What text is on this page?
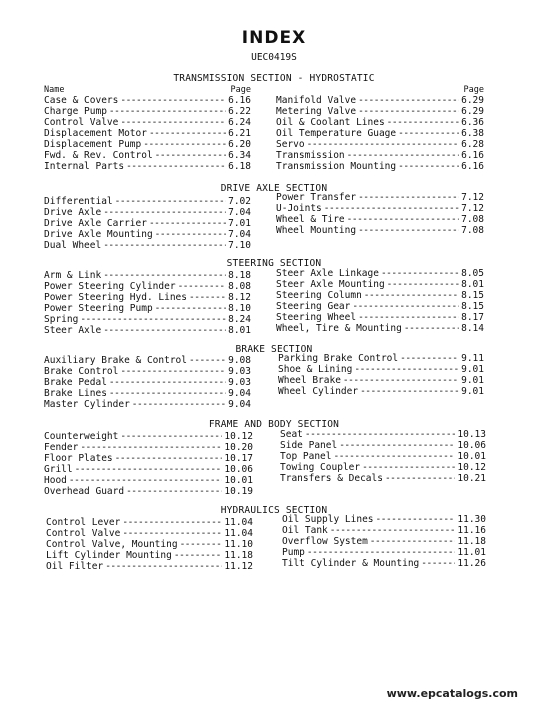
INDEX
UEC0419S
TRANSMISSION SECTION - HYDROSTATIC
Name	Page
Case & Covers -----	6.16
Charge Pump -----	6.22
Control Valve -----	6.24
Displacement Motor -----	6.21
Displacement Pump -----	6.20
Fwd. & Rev. Control -----	6.34
Internal Parts -----	6.18
Page
Manifold Valve -----	6.29
Metering Valve -----	6.29
Oil & Coolant Lines -----	6.36
Oil Temperature Guage -----	6.38
Servo -----	6.28
Transmission -----	6.16
Transmission Mounting -----	6.16
DRIVE AXLE SECTION
Differential -----	7.02
Drive Axle -----	7.04
Drive Axle Carrier -----	7.01
Drive Axle Mounting -----	7.04
Dual Wheel -----	7.10
Power Transfer -----	7.12
U-Joints -----	7.12
Wheel & Tire -----	7.08
Wheel Mounting -----	7.08
STEERING SECTION
Arm & Link -----	8.18
Power Steering Cylinder -----	8.08
Power Steering Hyd. Lines -----	8.12
Power Steering Pump -----	8.10
Spring -----	8.24
Steer Axle -----	8.01
Steer Axle Linkage -----	8.05
Steer Axle Mounting -----	8.01
Steering Column -----	8.15
Steering Gear -----	8.15
Steering Wheel -----	8.17
Wheel, Tire & Mounting -----	8.14
BRAKE SECTION
Auxiliary Brake & Control -----	9.08
Brake Control -----	9.03
Brake Pedal -----	9.03
Brake Lines -----	9.04
Master Cylinder -----	9.04
Parking Brake Control -----	9.11
Shoe & Lining -----	9.01
Wheel Brake -----	9.01
Wheel Cylinder -----	9.01
FRAME AND BODY SECTION
Counterweight -----	10.12
Fender -----	10.20
Floor Plates -----	10.17
Grill -----	10.06
Hood -----	10.01
Overhead Guard -----	10.19
Seat -----	10.13
Side Panel -----	10.06
Top Panel -----	10.01
Towing Coupler -----	10.12
Transfers & Decals -----	10.21
HYDRAULICS SECTION
Control Lever -----	11.04
Control Valve -----	11.04
Control Valve, Mounting -----	11.10
Lift Cylinder Mounting -----	11.18
Oil Filter -----	11.12
Oil Supply Lines -----	11.30
Oil Tank -----	11.16
Overflow System -----	11.18
Pump -----	11.01
Tilt Cylinder & Mounting -----	11.26
www.epcatalogs.com
